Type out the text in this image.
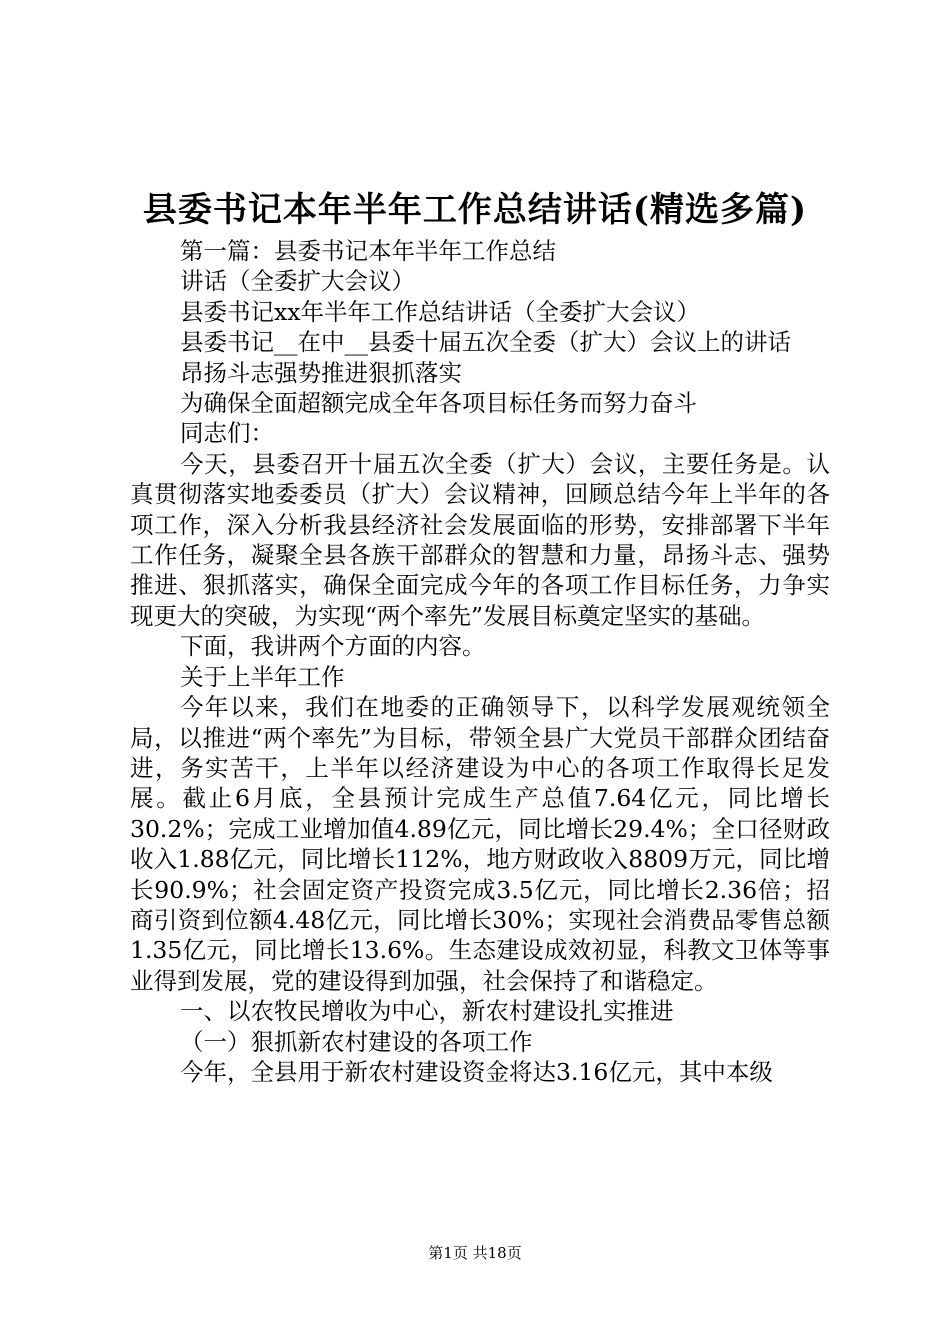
县委书记本年半年工作总结讲话(精选多篇)

第一篇：县委书记本年半年工作总结

讲话（全委扩大会议）

县委书记xx年半年工作总结讲话（全委扩大会议）

县委书记__在中__县委十届五次全委（扩大）会议上的讲话

昂扬斗志强势推进狠抓落实

为确保全面超额完成全年各项目标任务而努力奋斗

同志们：

今天，县委召开十届五次全委（扩大）会议，主要任务是。认真贯彻落实地委委员（扩大）会议精神，回顾总结今年上半年的各项工作，深入分析我县经济社会发展面临的形势，安排部署下半年工作任务，凝聚全县各族干部群众的智慧和力量，昂扬斗志、强势推进、狠抓落实，确保全面完成今年的各项工作目标任务，力争实现更大的突破，为实现“两个率先”发展目标奠定坚实的基础。

下面，我讲两个方面的内容。

关于上半年工作

今年以来，我们在地委的正确领导下，以科学发展观统领全局，以推进“两个率先”为目标，带领全县广大党员干部群众团结奋进，务实苦干，上半年以经济建设为中心的各项工作取得长足发展。截止6月底，全县预计完成生产总值7.64亿元，同比增长30.2%；完成工业增加值4.89亿元，同比增长29.4%；全口径财政收入1.88亿元，同比增长112%，地方财政收入8809万元，同比增长90.9%；社会固定资产投资完成3.5亿元，同比增长2.36倍；招商引资到位额4.48亿元，同比增长30%；实现社会消费品零售总额1.35亿元，同比增长13.6%。生态建设成效初显，科教文卫体等事业得到发展，党的建设得到加强，社会保持了和谐稳定。

一、以农牧民增收为中心，新农村建设扎实推进

（一）狠抓新农村建设的各项工作

今年，全县用于新农村建设资金将达3.16亿元，其中本级

第1页 共18页
